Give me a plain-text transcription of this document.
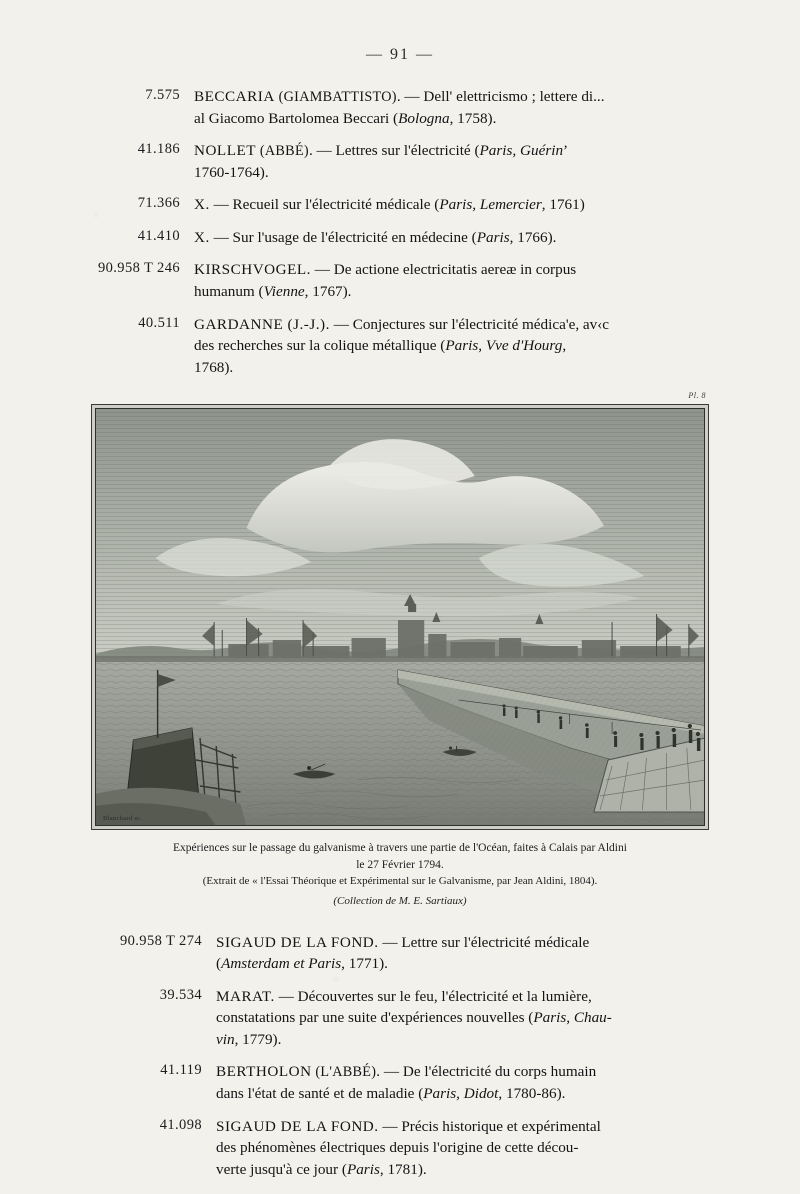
— 91 —
7.575 BECCARIA (GIAMBATTISTO). — Dell' elettricismo ; lettere di...
al Giacomo Bartolomea Beccari (Bologna, 1758).
41.186 NOLLET (ABBÉ). — Lettres sur l'électricité (Paris, Guérin’
1760-1764).
71.366 X. — Recueil sur l'électricité médicale (Paris, Lemercier, 1761)
41.410 X. — Sur l'usage de l'électricité en médecine (Paris, 1766).
90.958 T 246 KIRSCHVOGEL. — De actione electricitatis aereæ in corpus
humanum (Vienne, 1767).
40.511 GARDANNE (J.-J.). — Conjectures sur l'électricité médica'e, av‹c
des recherches sur la colique métallique (Paris, Vve d'Hourg,
1768).
Pl. 8
Blanchard sc.
Expériences sur le passage du galvanisme à travers une partie de l'Océan, faites à Calais par Aldini
le 27 Février 1794.
(Extrait de « l'Essai Théorique et Expérimental sur le Galvanisme, par Jean Aldini, 1804).
(Collection de M. E. Sartiaux)
90.958 T 274 SIGAUD DE LA FOND. — Lettre sur l'électricité médicale
(Amsterdam et Paris, 1771).
39.534 MARAT. — Découvertes sur le feu, l'électricité et la lumière,
constatations par une suite d'expériences nouvelles (Paris, Chau-
vin, 1779).
41.119 BERTHOLON (L'ABBÉ). — De l'électricité du corps humain
dans l'état de santé et de maladie (Paris, Didot, 1780-86).
41.098 SIGAUD DE LA FOND. — Précis historique et expérimental
des phénomènes électriques depuis l'origine de cette décou-
verte jusqu'à ce jour (Paris, 1781).
